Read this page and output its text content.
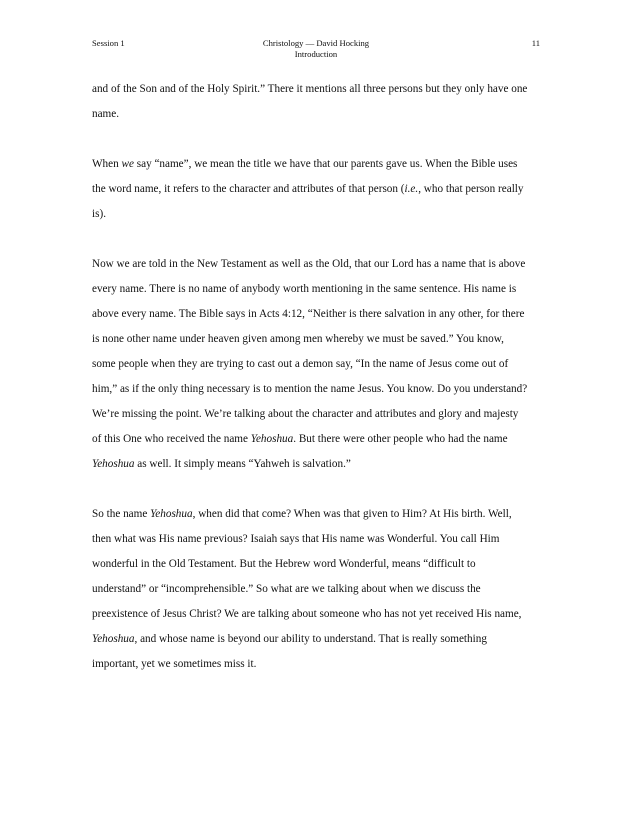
Session 1	Christology — David Hocking
Introduction
11
and of the Son and of the Holy Spirit.” There it mentions all three persons but they only have one
name.
When we say “name”, we mean the title we have that our parents gave us. When the Bible uses
the word name, it refers to the character and attributes of that person (i.e., who that person really
is).
Now we are told in the New Testament as well as the Old, that our Lord has a name that is above
every name. There is no name of anybody worth mentioning in the same sentence. His name is
above every name. The Bible says in Acts 4:12, “Neither is there salvation in any other, for there
is none other name under heaven given among men whereby we must be saved.” You know,
some people when they are trying to cast out a demon say, “In the name of Jesus come out of
him,” as if the only thing necessary is to mention the name Jesus. You know. Do you understand?
We’re missing the point. We’re talking about the character and attributes and glory and majesty
of this One who received the name Yehoshua. But there were other people who had the name
Yehoshua as well. It simply means “Yahweh is salvation.”
So the name Yehoshua, when did that come? When was that given to Him? At His birth. Well,
then what was His name previous? Isaiah says that His name was Wonderful. You call Him
wonderful in the Old Testament. But the Hebrew word Wonderful, means “difficult to
understand” or “incomprehensible.” So what are we talking about when we discuss the
preexistence of Jesus Christ? We are talking about someone who has not yet received His name,
Yehoshua, and whose name is beyond our ability to understand. That is really something
important, yet we sometimes miss it.
